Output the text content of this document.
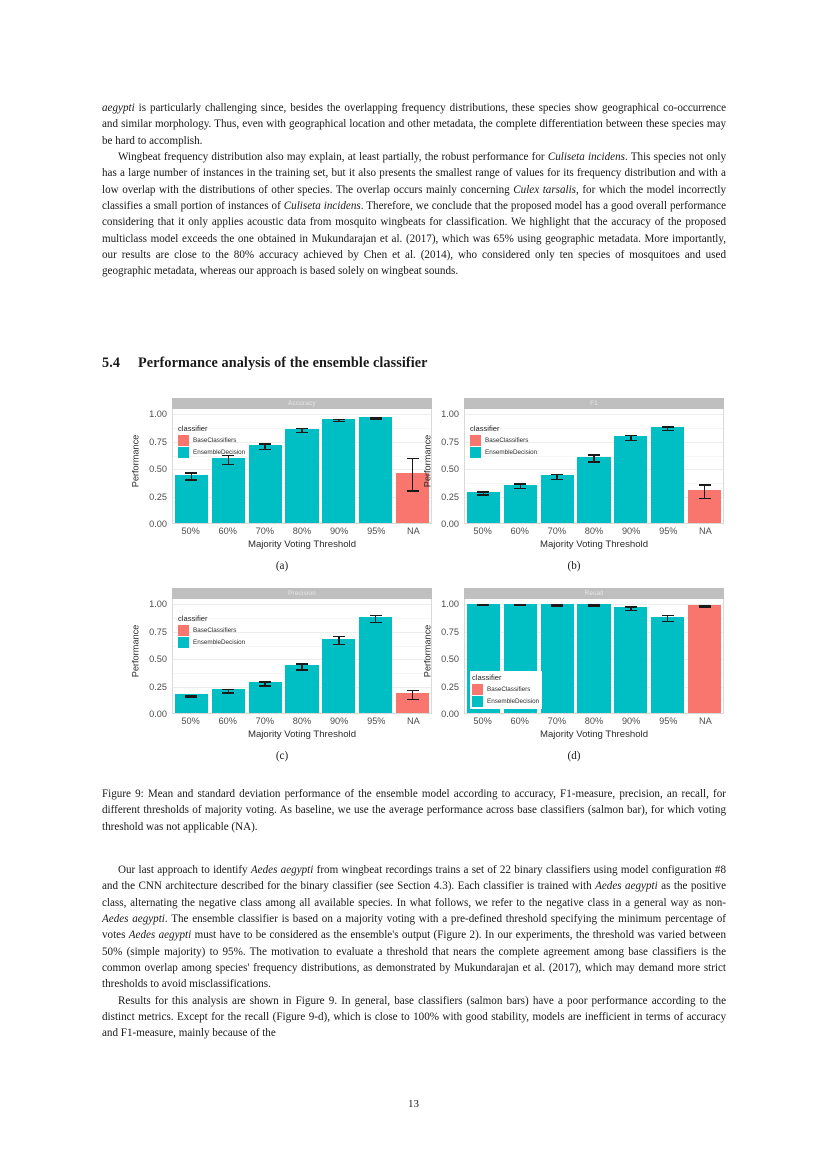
aegypti is particularly challenging since, besides the overlapping frequency distributions, these species show geographical co-occurrence and similar morphology. Thus, even with geographical location and other metadata, the complete differentiation between these species may be hard to accomplish.

Wingbeat frequency distribution also may explain, at least partially, the robust performance for Culiseta incidens. This species not only has a large number of instances in the training set, but it also presents the smallest range of values for its frequency distribution and with a low overlap with the distributions of other species. The overlap occurs mainly concerning Culex tarsalis, for which the model incorrectly classifies a small portion of instances of Culiseta incidens. Therefore, we conclude that the proposed model has a good overall performance considering that it only applies acoustic data from mosquito wingbeats for classification. We highlight that the accuracy of the proposed multiclass model exceeds the one obtained in Mukundarajan et al. (2017), which was 65% using geographic metadata. More importantly, our results are close to the 80% accuracy achieved by Chen et al. (2014), who considered only ten species of mosquitoes and used geographic metadata, whereas our approach is based solely on wingbeat sounds.

5.4 Performance analysis of the ensemble classifier
Performance
0.00
0.25
0.50
0.75
1.00
Accuracy
classifier
BaseClassifiers
EnsembleDecision
50% 60% 70% 80% 90% 95% NA
Majority Voting Threshold
Performance
0.00
0.25
0.50
0.75
1.00
F1
classifier
BaseClassifiers
EnsembleDecision
50% 60% 70% 80% 90% 95% NA
Majority Voting Threshold
Performance
0.00
0.25
0.50
0.75
1.00
Precision
classifier
BaseClassifiers
EnsembleDecision
50% 60% 70% 80% 90% 95% NA
Majority Voting Threshold
Performance
0.00
0.25
0.50
0.75
1.00
Recall
classifier
BaseClassifiers
EnsembleDecision
50% 60% 70% 80% 90% 95% NA
Majority Voting Threshold
(a)	(b)
(c)	(d)
Figure 9: Mean and standard deviation performance of the ensemble model according to accuracy, F1-measure, precision, an recall, for different thresholds of majority voting. As baseline, we use the average performance across base classifiers (salmon bar), for which voting threshold was not applicable (NA).

Our last approach to identify Aedes aegypti from wingbeat recordings trains a set of 22 binary classifiers using model configuration #8 and the CNN architecture described for the binary classifier (see Section 4.3). Each classifier is trained with Aedes aegypti as the positive class, alternating the negative class among all available species. In what follows, we refer to the negative class in a general way as non-Aedes aegypti. The ensemble classifier is based on a majority voting with a pre-defined threshold specifying the minimum percentage of votes Aedes aegypti must have to be considered as the ensemble's output (Figure 2). In our experiments, the threshold was varied between 50% (simple majority) to 95%. The motivation to evaluate a threshold that nears the complete agreement among base classifiers is the common overlap among species' frequency distributions, as demonstrated by Mukundarajan et al. (2017), which may demand more strict thresholds to avoid misclassifications.

Results for this analysis are shown in Figure 9. In general, base classifiers (salmon bars) have a poor performance according to the distinct metrics. Except for the recall (Figure 9-d), which is close to 100% with good stability, models are inefficient in terms of accuracy and F1-measure, mainly because of the

13
